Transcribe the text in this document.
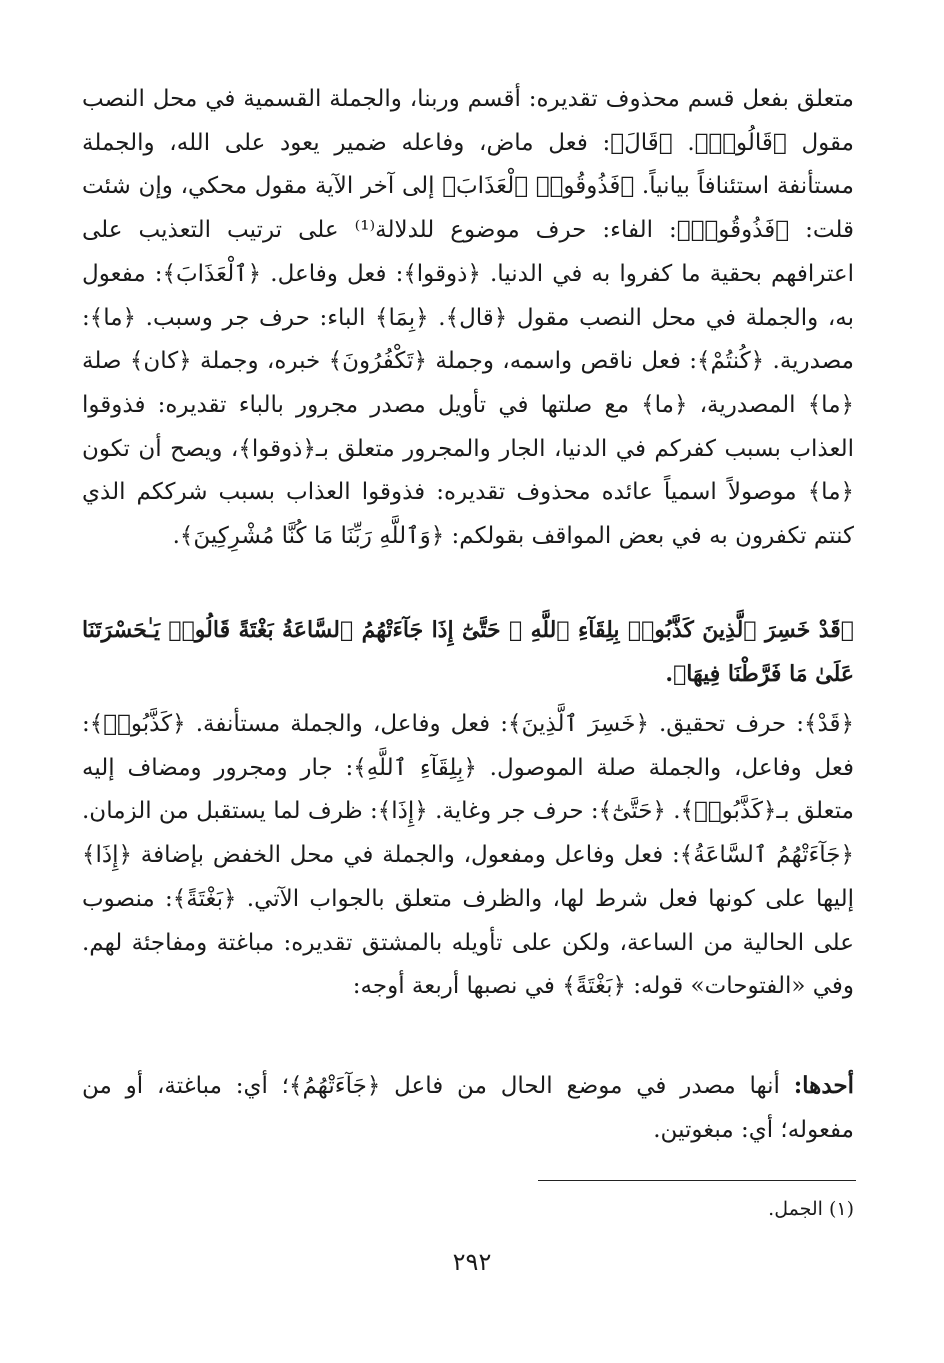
متعلق بفعل قسم محذوف تقديره: أقسم وربنا، والجملة القسمية في محل النصب مقول ﴿قَالُوا۟﴾. ﴿قَالَ﴾: فعل ماض، وفاعله ضمير يعود على الله، والجملة مستأنفة استئنافاً بيانياً. ﴿فَذُوقُوا۟ ٱلْعَذَابَ﴾ إلى آخر الآية مقول محكي، وإن شئت قلت: ﴿فَذُوقُوا۟﴾: الفاء: حرف موضوع للدلالة⁽¹⁾ على ترتيب التعذيب على اعترافهم بحقية ما كفروا به في الدنيا. ﴿ذوقوا﴾: فعل وفاعل. ﴿ٱلْعَذَابَ﴾: مفعول به، والجملة في محل النصب مقول ﴿قال﴾. ﴿بِمَا﴾ الباء: حرف جر وسبب. ﴿ما﴾: مصدرية. ﴿كُنتُمْ﴾: فعل ناقص واسمه، وجملة ﴿تَكْفُرُونَ﴾ خبره، وجملة ﴿كان﴾ صلة ﴿ما﴾ المصدرية، ﴿ما﴾ مع صلتها في تأويل مصدر مجرور بالباء تقديره: فذوقوا العذاب بسبب كفركم في الدنيا، الجار والمجرور متعلق بـ﴿ذوقوا﴾، ويصح أن تكون ﴿ما﴾ موصولاً اسمياً عائده محذوف تقديره: فذوقوا العذاب بسبب شرككم الذي كنتم تكفرون به في بعض المواقف بقولكم: ﴿وَٱللَّهِ رَبِّنَا مَا كُنَّا مُشْرِكِينَ﴾.

﴿قَدْ خَسِرَ ٱلَّذِينَ كَذَّبُوا۟ بِلِقَآءِ ٱللَّهِ ۖ حَتَّىٰٓ إِذَا جَآءَتْهُمُ ٱلسَّاعَةُ بَغْتَةً قَالُوا۟ يَـٰحَسْرَتَنَا عَلَىٰ مَا فَرَّطْنَا فِيهَا﴾.

﴿قَدْ﴾: حرف تحقيق. ﴿خَسِرَ ٱلَّذِينَ﴾: فعل وفاعل، والجملة مستأنفة. ﴿كَذَّبُوا۟﴾: فعل وفاعل، والجملة صلة الموصول. ﴿بِلِقَآءِ ٱللَّهِ﴾: جار ومجرور ومضاف إليه متعلق بـ﴿كَذَّبُوا۟﴾. ﴿حَتَّىٰٓ﴾: حرف جر وغاية. ﴿إِذَا﴾: ظرف لما يستقبل من الزمان. ﴿جَآءَتْهُمُ ٱلسَّاعَةُ﴾: فعل وفاعل ومفعول، والجملة في محل الخفض بإضافة ﴿إِذَا﴾ إليها على كونها فعل شرط لها، والظرف متعلق بالجواب الآتي. ﴿بَغْتَةً﴾: منصوب على الحالية من الساعة، ولكن على تأويله بالمشتق تقديره: مباغتة ومفاجئة لهم. وفي «الفتوحات» قوله: ﴿بَغْتَةً﴾ في نصبها أربعة أوجه:

أحدها: أنها مصدر في موضع الحال من فاعل ﴿جَآءَتْهُمُ﴾؛ أي: مباغتة، أو من مفعوله؛ أي: مبغوتين.

(١) الجمل.
٢٩٢
